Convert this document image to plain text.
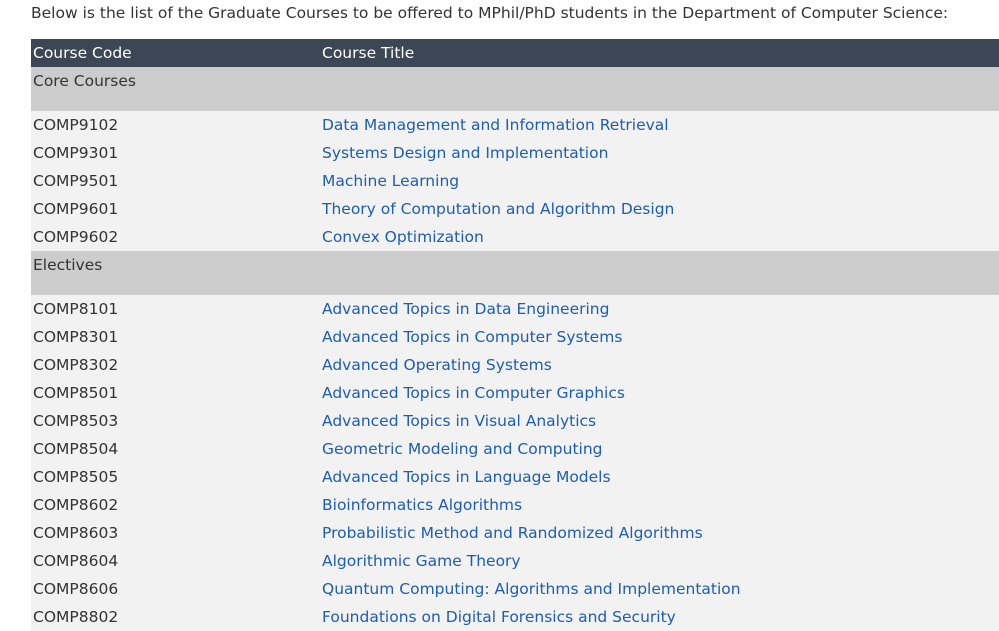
Below is the list of the Graduate Courses to be offered to MPhil/PhD students in the Department of Computer Science:

Course Code	Course Title
Core Courses	
COMP9102	Data Management and Information Retrieval
COMP9301	Systems Design and Implementation
COMP9501	Machine Learning
COMP9601	Theory of Computation and Algorithm Design
COMP9602	Convex Optimization
Electives	
COMP8101	Advanced Topics in Data Engineering
COMP8301	Advanced Topics in Computer Systems
COMP8302	Advanced Operating Systems
COMP8501	Advanced Topics in Computer Graphics
COMP8503	Advanced Topics in Visual Analytics
COMP8504	Geometric Modeling and Computing
COMP8505	Advanced Topics in Language Models
COMP8602	Bioinformatics Algorithms
COMP8603	Probabilistic Method and Randomized Algorithms
COMP8604	Algorithmic Game Theory
COMP8606	Quantum Computing: Algorithms and Implementation
COMP8802	Foundations on Digital Forensics and Security
